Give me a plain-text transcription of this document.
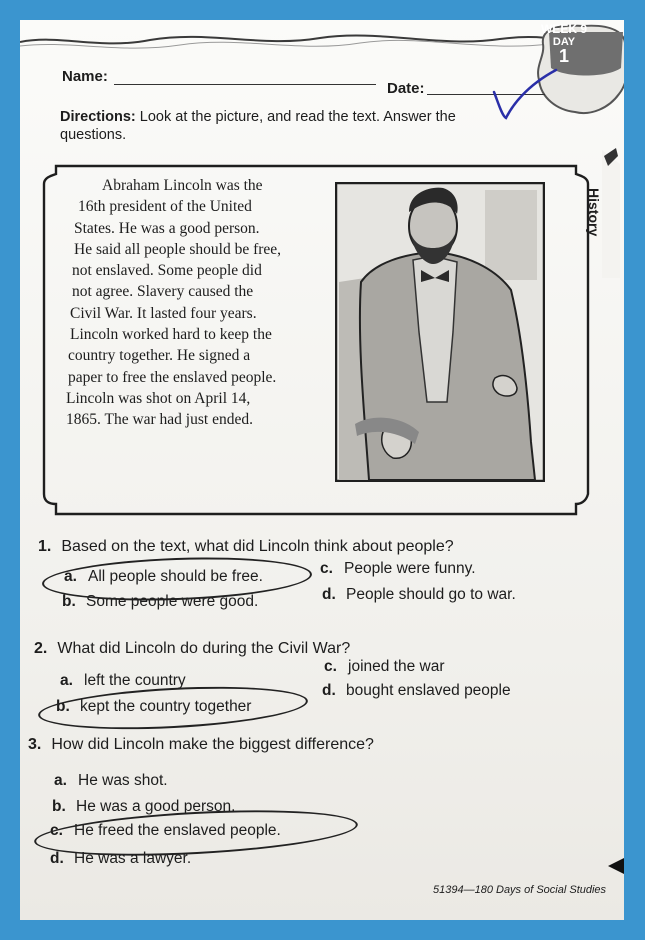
WEEK 9
DAY
1
Name:
Date:
Directions: Look at the picture, and read the text. Answer the questions.
History
Abraham Lincoln was the
16th president of the United
States. He was a good person.
He said all people should be free,
not enslaved. Some people did
not agree. Slavery caused the
Civil War. It lasted four years.
Lincoln worked hard to keep the
country together. He signed a
paper to free the enslaved people.
Lincoln was shot on April 14,
1865. The war had just ended.

1. Based on the text, what did Lincoln think about people?
a. All people should be free.
b. Some people were good.
c. People were funny.
d. People should go to war.
2. What did Lincoln do during the Civil War?
a. left the country
b. kept the country together
c. joined the war
d. bought enslaved people
3. How did Lincoln make the biggest difference?
a. He was shot.
b. He was a good person.
c. He freed the enslaved people.
d. He was a lawyer.
51394—180 Days of Social Studies
